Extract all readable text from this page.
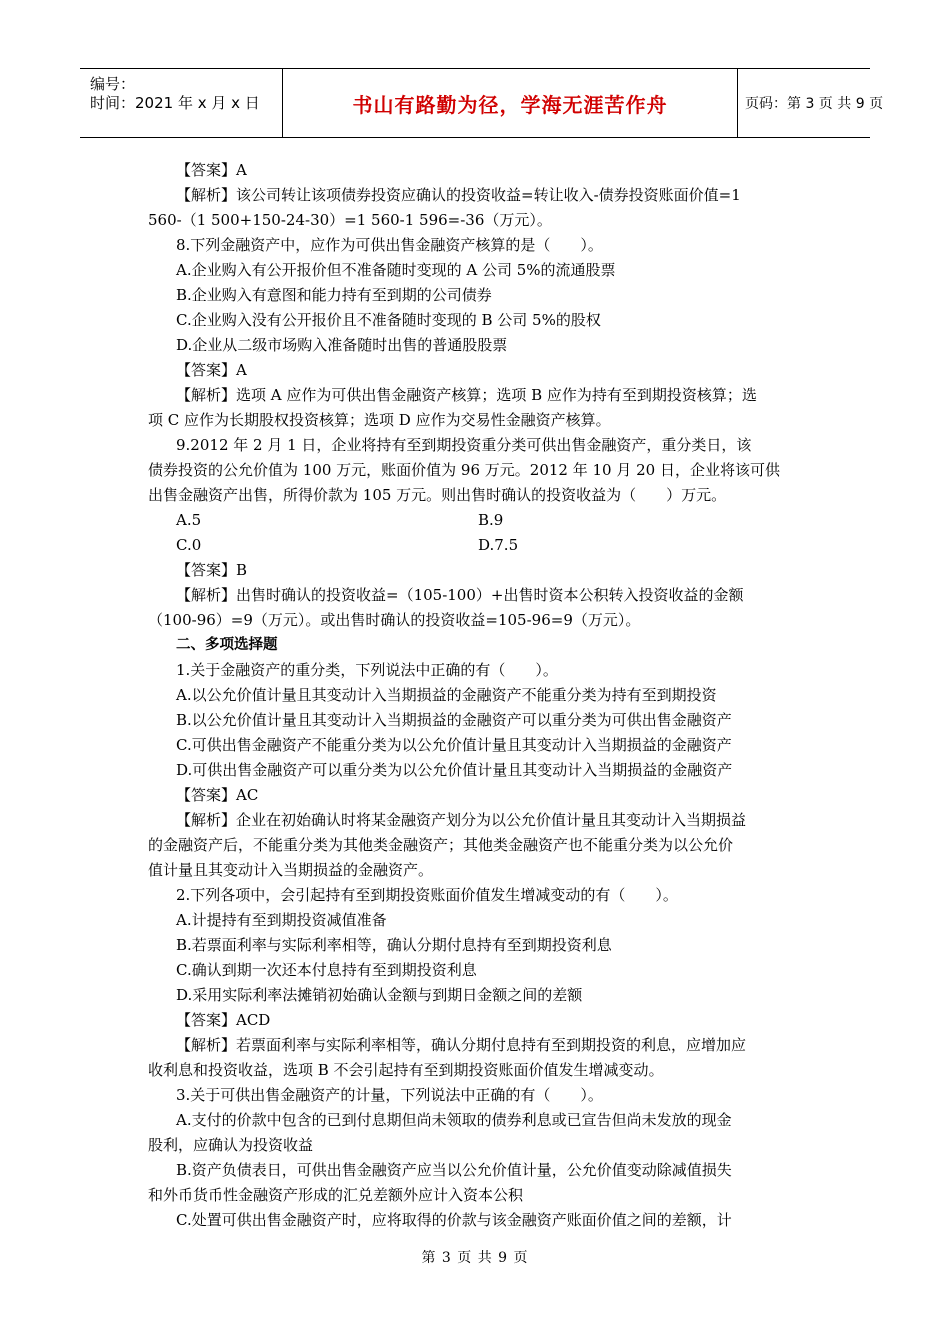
编号：
时间：2021 年 x 月 x 日	书山有路勤为径，学海无涯苦作舟	页码：第 3 页 共 9 页
【答案】A
【解析】该公司转让该项债券投资应确认的投资收益=转让收入-债券投资账面价值=1
560-（1 500+150-24-30）=1 560-1 596=-36（万元）。
8.下列金融资产中，应作为可供出售金融资产核算的是（　　）。
A.企业购入有公开报价但不准备随时变现的 A 公司 5%的流通股票
B.企业购入有意图和能力持有至到期的公司债券
C.企业购入没有公开报价且不准备随时变现的 B 公司 5%的股权
D.企业从二级市场购入准备随时出售的普通股股票
【答案】A
【解析】选项 A 应作为可供出售金融资产核算；选项 B 应作为持有至到期投资核算；选
项 C 应作为长期股权投资核算；选项 D 应作为交易性金融资产核算。
9.2012 年 2 月 1 日，企业将持有至到期投资重分类可供出售金融资产，重分类日，该
债券投资的公允价值为 100 万元，账面价值为 96 万元。2012 年 10 月 20 日，企业将该可供
出售金融资产出售，所得价款为 105 万元。则出售时确认的投资收益为（　　）万元。
A.5	B.9
C.0	D.7.5
【答案】B
【解析】出售时确认的投资收益=（105-100）+出售时资本公积转入投资收益的金额
（100-96）=9（万元）。或出售时确认的投资收益=105-96=9（万元）。
二、多项选择题
1.关于金融资产的重分类，下列说法中正确的有（　　）。
A.以公允价值计量且其变动计入当期损益的金融资产不能重分类为持有至到期投资
B.以公允价值计量且其变动计入当期损益的金融资产可以重分类为可供出售金融资产
C.可供出售金融资产不能重分类为以公允价值计量且其变动计入当期损益的金融资产
D.可供出售金融资产可以重分类为以公允价值计量且其变动计入当期损益的金融资产
【答案】AC
【解析】企业在初始确认时将某金融资产划分为以公允价值计量且其变动计入当期损益
的金融资产后，不能重分类为其他类金融资产；其他类金融资产也不能重分类为以公允价
值计量且其变动计入当期损益的金融资产。
2.下列各项中，会引起持有至到期投资账面价值发生增减变动的有（　　）。
A.计提持有至到期投资减值准备
B.若票面利率与实际利率相等，确认分期付息持有至到期投资利息
C.确认到期一次还本付息持有至到期投资利息
D.采用实际利率法摊销初始确认金额与到期日金额之间的差额
【答案】ACD
【解析】若票面利率与实际利率相等，确认分期付息持有至到期投资的利息，应增加应
收利息和投资收益，选项 B 不会引起持有至到期投资账面价值发生增减变动。
3.关于可供出售金融资产的计量，下列说法中正确的有（　　）。
A.支付的价款中包含的已到付息期但尚未领取的债券利息或已宣告但尚未发放的现金
股利，应确认为投资收益
B.资产负债表日，可供出售金融资产应当以公允价值计量，公允价值变动除减值损失
和外币货币性金融资产形成的汇兑差额外应计入资本公积
C.处置可供出售金融资产时，应将取得的价款与该金融资产账面价值之间的差额，计
第 3 页 共 9 页
